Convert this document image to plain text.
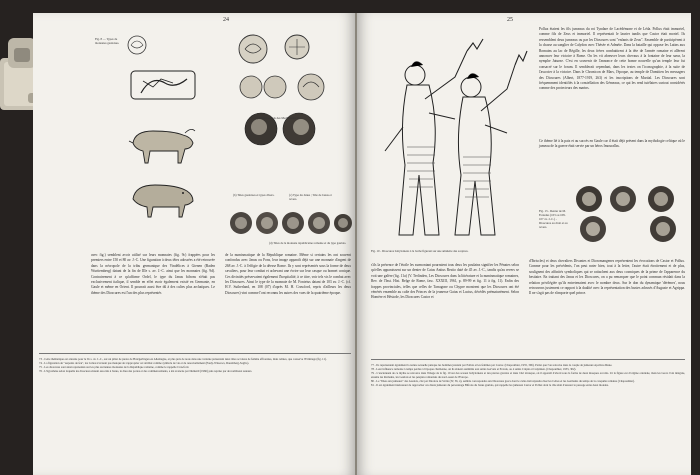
24
Fig. 8 — Types de monnaies gauloises.
(a) Janus Gaulois des Mediomatrices.
(b) Têtes gauloises et types divers.	(c) Type du Janus ; Tête de Janus et revers.
(d) Têtes de la monnaie républicaine romaine et du type gaulois.
avec fig.) semblent avoir utilisé sur leurs monnaies (fig. 9c) frappées pour les premiers entre 150 et 80 av. J.-C. Une figuration à deux têtes adossées a été retrouvée dans la nécropole de la tribu germanique des Vindélices à Gienen (Baden Wurttemberg) datant de la fin de IIIe s. av. J.-C. ainsi que les monnaies (fig. 9d). Contrairement à ce qu'affirme Ordel, le type du Janus bifrons n'était pas exclusivement italique, il semble en effet avoir également existé en Germanie, en Gaule et même en Orient. Il pourrait aussi être dû à des cultes plus archaïques. Le thème des Dioscures est l'un des plus représentés
de la numismatique de la République romaine. Même si certains les ont souvent confondus avec Janus ou Fons, leur image apparaît déjà sur une monnaie d'argent de 268 av. J.-C. à l'effigie de la déesse Rome. Ils y sont représentés sous la forme de deux cavaliers, pour leur combat et achevant une écrire sur leur casque ou bonnet conique. Ces divinités préservaient également l'hospitalité, à ce titre, voir tels vis le combat avec les Dioscures. Ainsi le type de la monnaie de M. Fonteius datant de 103 av. J.-C. (cf. H.V. Sutherland, en 108 (07) d'après M. H. Crawford, repris d'ailleurs les deux Dioscures) vint comme l'ont reconnu les autres des vues de la quatrième époque.
73 - Cette thématique est attestée pour le Ve s. av. J.-C., sur un pilier de pierre de Holzgerlingen en Allemagne, et plus près de nous dans une variante présentant deux têtes accolées de femme affrontées, mais reliées, que conserve l'Ermitage (fig. 11).
74 - La figuration de "serpents de feu", les Celtes n'avaient pas manqué de s'approprier cet attribut comme symbole de vie et de renouvellement (Pauly-Wissowa, Daremberg-Saglio).
75 - Les dioscures sont ainsi représentés sur les plus anciennes monnaies de la République romaine, comme le rappelle Crawford.
76 - L'hypothèse selon laquelle les dioscures étaient associés à Janus, le dieu des portes et des commencements, a été avancée par Dumézil (1966) puis reprise par de nombreux auteurs.
25
Fig. 10 - Dioscures babyloniens à la barbe figurant sur une amulette des sceptres.
Pollux étaient les fils jumeaux du roi Tyndare de Lacédémone et de Léda. Pollux était immortel, comme fils de Zeus et immortel. Il représentait le laurier tandis que Castor était mortel. Ils ressemblent deux jumeaux ou par les Dioscures sont "enfants de Zeus". Ensemble de participèrent à la chasse au sanglier de Calydon avec Thésée et Admète. Dans la bataille qui oppose les Latins aux Romains au lac de Régille, les deux frères combattirent à la tête de l'armée romaine et allèrent annoncer leur victoire à Rome. On les vit abreuver leurs chevaux à la fontaine de leur sœur, la nymphe Juturne. C'est en souvenir de l'annonce de cette bonne nouvelle qu'un temple leur fut consacré sur le forum. Il semblerait cependant, dans les textes on l'iconographie, à la suite de l'associer à la victoire. Dans le Chronicon de Mars, l'époque, au temple de Domitien les messagers des Dioscures (Albert, 1877-1919, 263) et les inscriptions de Martial. Les Dioscures sont fréquemment identifiés à la constellation des Gémeaux, ce qui les rend tutélaires surtout considérés comme des protecteurs des marins.
Ce thème lié à la paix et au succès en Gaule car il était déjà présent dans la mythologie celtique où le jumeau de la guerre était servie par un héros Imourallas.
Fig. 13 - Denier de M. Fonteius (103 ou 108-107 av. J.-C.) - Dioscures au droit et au revers.
s'ils la présence de l'étoile les surmontant pourraient tous deux les poulains signifier les Pénates selon qu'elles apparaissent sur un denier de Caius Antius Restio daté de 45 av. J.-C., tandis qu'au revers se voit une galère (fig. 11a) (V. Terlinden, Les Dioscures dans la littérature et la numismatique romaines, Rev. de l'Inst. Hist. Belge de Rome, fasc. XXXIII, 1961, p. 89-99 et fig. 11 à fig. 11). Enfin des frappes provinciales, telles que celles de Tarragone ou Chypre montrent que les Dioscures ont été vénérés ensemble au culte des Princes de la jeunesse Gaius et Lucius, décédés prématurément. Selon Homère et Hésiode, les Dioscures Castor et
d'Ibriscles) et deux chevaliers Divantes et Dioromangenes représentent les évocations de Castor et Pollux. Comme pour les précédents, l'on peut noter bien, tout à la lettre, l'autre était étroitement et de plus, soulignent des affinités symboliques qui se rattachent aux deux cosmiques de la prime de l'apparence du bestiaire. En traitant des Janus et les Dioscures, on a pu remarquer que le point commun résidait dans la relation privilégiée qu'ils entretenaient avec le nombre deux. Sur le don du dynamique 'dérèmes', nous retrouvons justement ce rapport à la dualité avec la représentation des bustes adossés d'Auguste et Agrippa. Il ne s'agit pas de n'importe quel prince.
77 - Ils représentent également la nature sexuelle puisque les hommes juraient par Pollux et les femmes par Castor. (Chapouthier, 1935, 306). Parler que l'on retrouve dans le couple de jumeaux Apollon-Diane.
78 - Leur influence remonte à temps perdus à l'époque chrétienne, où ils étaient assimilés aux saints Gervais et Protais, ou à saints Crépin et Crépinien. (Chapouthier, 1935, 302).
79 - L'ancienneté de ce mythe se retrouve dans l'image de la fig. 10 sur des sceaux babyloniens et des pierres gravées et dans l'Art étrusque, où il apparaît d'abord sous la forme de deux masques accolés. Ici la figure est d'origine orientale, mais les Grecs l'ont intégrée, ensuite les Romains, les Gaulois et les peuples romanisés du nord-ouest de l'Europe.
80 - Le "Dieu aux jumeaux" des Gaulois, cité par Diodore de Sicile (IV, 56, 4), semble correspondre aux Dioscures grecs dont le culte était répandu chez les Celtes et les Germains du temps de la conquête romaine (Chapouthier).
81 - Il est également intéressant de rapprocher ces dieux jumeaux du personnage Bifrons du Janus gaulois, qui rappelle les jumeaux Castor et Pollux dont le rôle était d'assurer le passage entre deux mondes.
